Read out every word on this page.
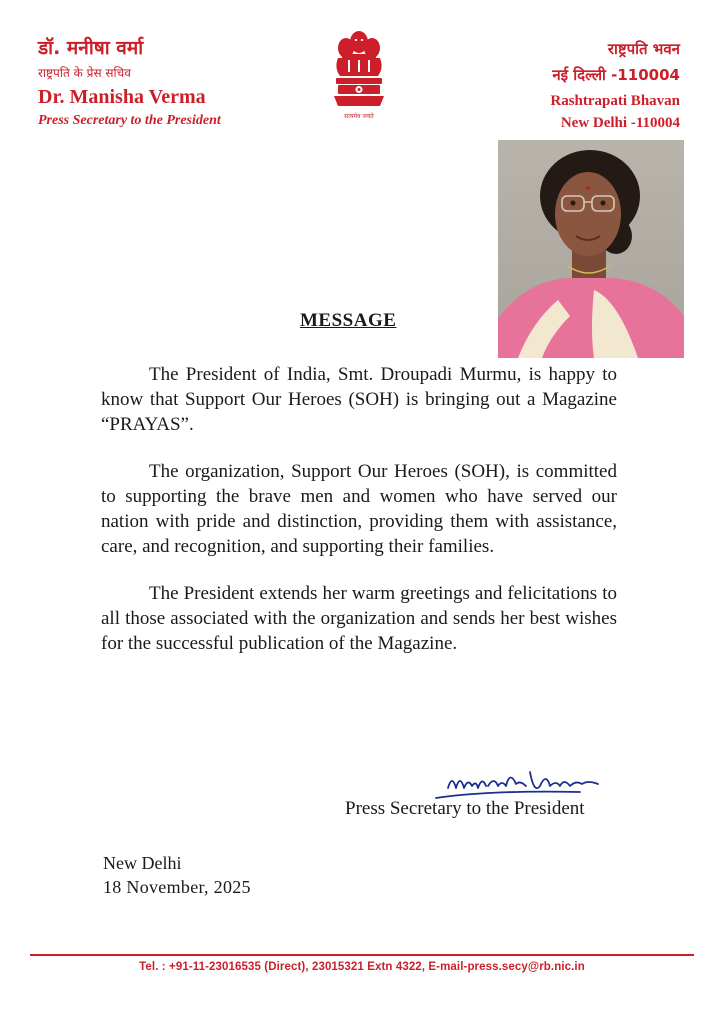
डॉ. मनीषा वर्मा
राष्ट्रपति के प्रेस सचिव
Dr. Manisha Verma
Press Secretary to the President	सत्यमेव जयते
राष्ट्रपति भवन
नई दिल्ली -110004
Rashtrapati Bhavan
New Delhi -110004
MESSAGE

The President of India, Smt. Droupadi Murmu, is happy to know that Support Our Heroes (SOH) is bringing out a Magazine “PRAYAS”.

The organization, Support Our Heroes (SOH), is committed to supporting the brave men and women who have served our nation with pride and distinction, providing them with assistance, care, and recognition, and supporting their families.

The President extends her warm greetings and felicitations to all those associated with the organization and sends her best wishes for the successful publication of the Magazine.

Press Secretary to the President
New Delhi
18 November, 2025
Tel. : +91-11-23016535 (Direct), 23015321 Extn 4322, E-mail-press.secy@rb.nic.in
